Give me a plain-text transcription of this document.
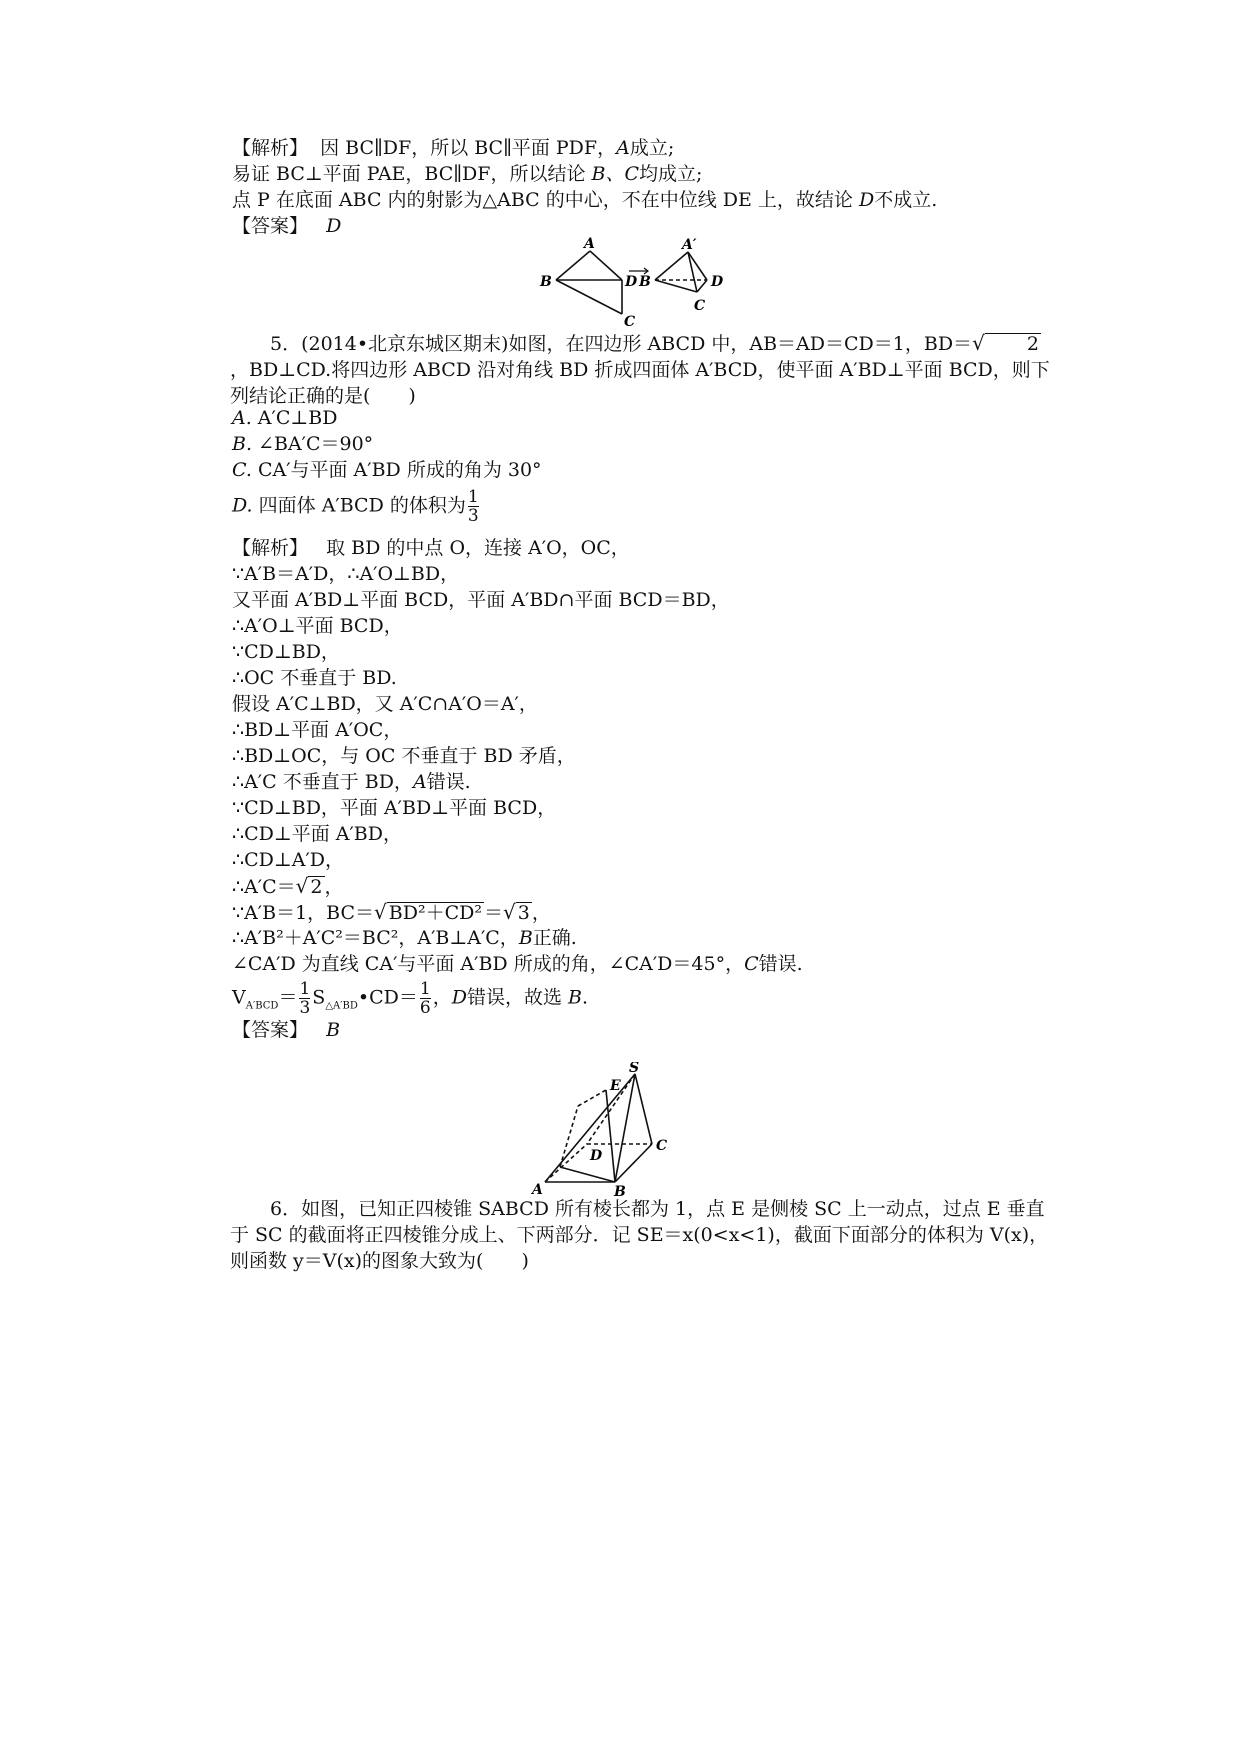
【解析】 因 BC∥DF，所以 BC∥平面 PDF，A成立;
易证 BC⊥平面 PAE，BC∥DF，所以结论 B、C均成立;
点 P 在底面 ABC 内的射影为△ABC 的中心，不在中位线 DE 上，故结论 D不成立.
【答案】 D
A
B	D
C
A′
B	D
C
5．(2014•北京东城区期末)如图，在四边形 ABCD 中，AB＝AD＝CD＝1，BD＝√ 2，BD⊥CD.将四边形 ABCD 沿对角线 BD 折成四面体 A′BCD，使平面 A′BD⊥平面 BCD，则下列结论正确的是(　　)
A. A′C⊥BD
B. ∠BA′C＝90°
C. CA′与平面 A′BD 所成的角为 30°
D. 四面体 A′BCD 的体积为 $\frac{1}{3}$
【解析】 取 BD 的中点 O，连接 A′O，OC，
∵A′B＝A′D，∴A′O⊥BD，
又平面 A′BD⊥平面 BCD，平面 A′BD∩平面 BCD＝BD，
∴A′O⊥平面 BCD，
∵CD⊥BD，
∴OC 不垂直于 BD.
假设 A′C⊥BD，又 A′C∩A′O＝A′，
∴BD⊥平面 A′OC，
∴BD⊥OC，与 OC 不垂直于 BD 矛盾，
∴A′C 不垂直于 BD，A错误.
∵CD⊥BD，平面 A′BD⊥平面 BCD，
∴CD⊥平面 A′BD，
∴CD⊥A′D，
∴A′C＝√ 2 ，
∵A′B＝1，BC＝√ BD²＋CD² ＝√ 3 ，
∴A′B²＋A′C²＝BC²，A′B⊥A′C，B正确.
∠CA′D 为直线 CA′与平面 A′BD 所成的角，∠CA′D＝45°，C错误.
$V_{A'BCD}= \frac{1}{3}$ $S_{\triangle A'BD}•CD= \frac{1}{6}$ ，D错误，故选 B.
【答案】 B
S
E
D
C
A	B
6．如图，已知正四棱锥 SABCD 所有棱长都为 1，点 E 是侧棱 SC 上一动点，过点 E 垂直于 SC 的截面将正四棱锥分成上、下两部分．记 SE＝x(0<x<1)，截面下面部分的体积为 V(x)，则函数 y＝V(x)的图象大致为(　　)
